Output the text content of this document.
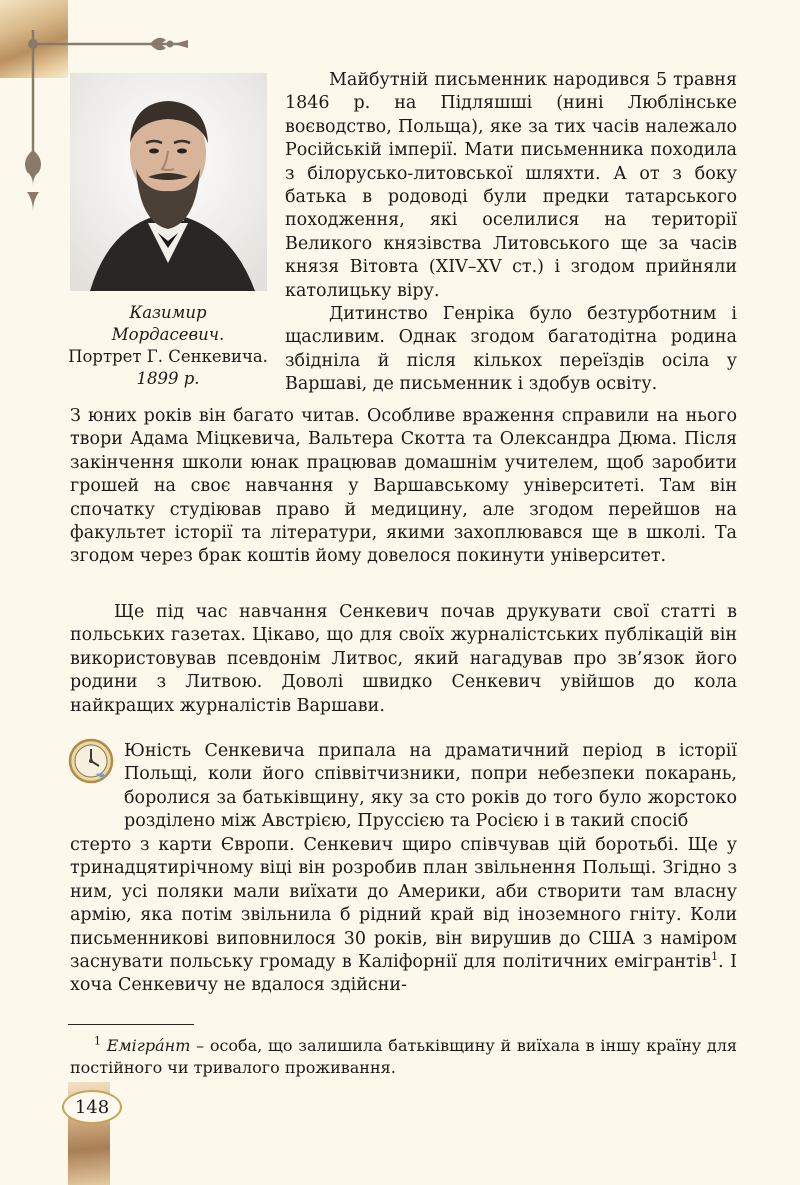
Казимир
Мордасевич.
Портрет Г. Сенкевича.
1899 р.

Майбутній письменник народився 5 травня 1846 р. на Підляшші (нині Люблінське воєводство, Польща), яке за тих часів належало Російській імперії. Мати письменника походила з білорусько-литовської шляхти. А от з боку батька в родоводі були предки татарського походження, які оселилися на території Великого князівства Литовського ще за часів князя Вітовта (XIV–XV ст.) і згодом прийняли католицьку віру.

Дитинство Генріка було безтурботним і щасливим. Однак згодом багатодітна родина збідніла й після кількох переїздів осіла у Варшаві, де письменник і здобув освіту.

З юних років він багато читав. Особливе враження справили на нього твори Адама Міцкевича, Вальтера Скотта та Олександра Дюма. Після закінчення школи юнак працював домашнім учителем, щоб заробити грошей на своє навчання у Варшавському університеті. Там він спочатку студіював право й медицину, але згодом перейшов на факультет історії та літератури, якими захоплювався ще в школі. Та згодом через брак коштів йому довелося покинути університет.

Ще під час навчання Сенкевич почав друкувати свої статті в польських газетах. Цікаво, що для своїх журналістських публікацій він використовував псевдонім Литвос, який нагадував про зв’язок його родини з Литвою. Доволі швидко Сенкевич увійшов до кола найкращих журналістів Варшави.

Юність Сенкевича припала на драматичний період в історії Польщі, коли його співвітчизники, попри небезпеки покарань, боролися за батьківщину, яку за сто років до того було жорстоко розділено між Австрією, Пруссією та Росією і в такий спосіб

стерто з карти Європи. Сенкевич щиро співчував цій боротьбі. Ще у тринадцятирічному віці він розробив план звільнення Польщі. Згідно з ним, усі поляки мали виїхати до Америки, аби створити там власну армію, яка потім звільнила б рідний край від іноземного гніту. Коли письменникові виповнилося 30 років, він вирушив до США з наміром заснувати польську громаду в Каліфорнії для політичних емігрантів$^1$. І хоча Сенкевичу не вдалося здійсни-

$^1$ Емігрáнт – особа, що залишила батьківщину й виїхала в іншу країну для постійного чи тривалого проживання.
148
